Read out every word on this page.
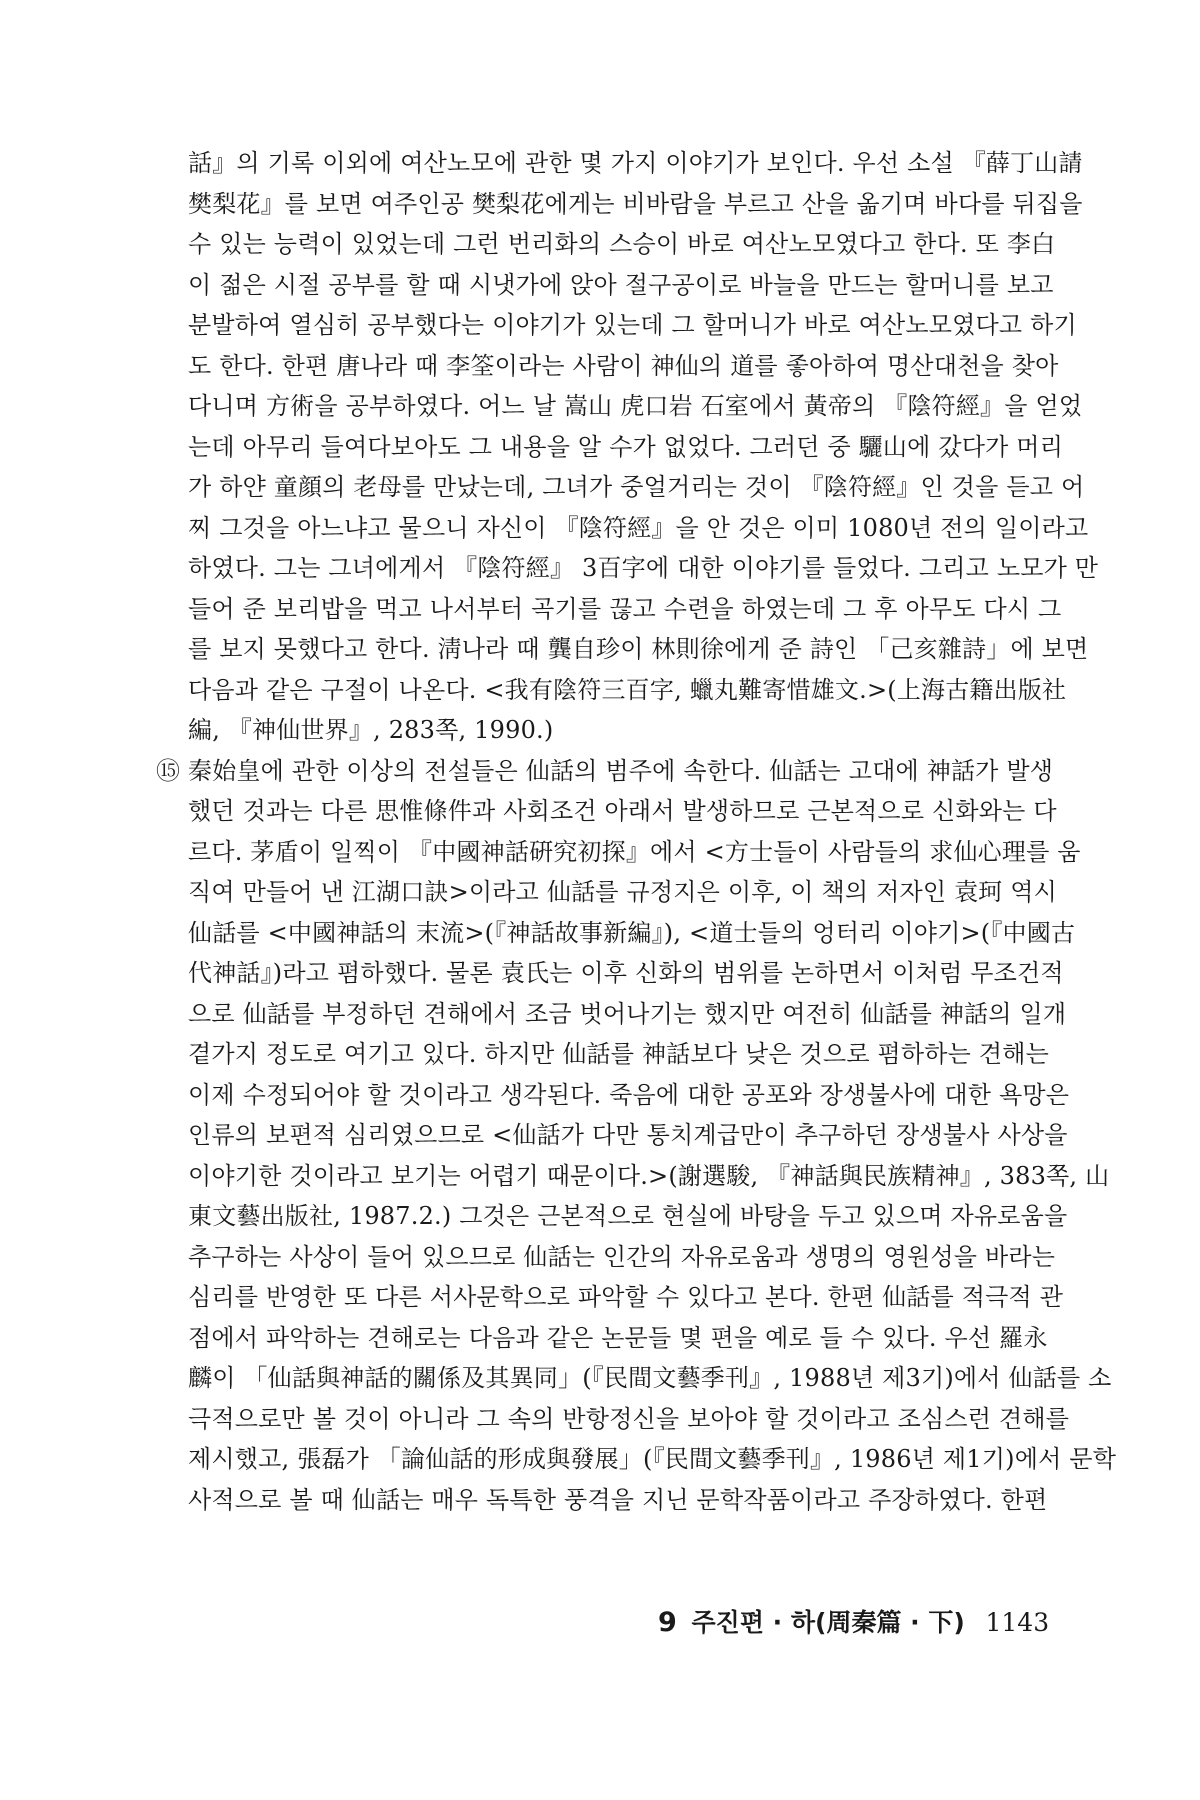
話』의 기록 이외에 여산노모에 관한 몇 가지 이야기가 보인다. 우선 소설 『薛丁山請
樊梨花』를 보면 여주인공 樊梨花에게는 비바람을 부르고 산을 옮기며 바다를 뒤집을
수 있는 능력이 있었는데 그런 번리화의 스승이 바로 여산노모였다고 한다. 또 李白
이 젊은 시절 공부를 할 때 시냇가에 앉아 절구공이로 바늘을 만드는 할머니를 보고
분발하여 열심히 공부했다는 이야기가 있는데 그 할머니가 바로 여산노모였다고 하기
도 한다. 한편 唐나라 때 李筌이라는 사람이 神仙의 道를 좋아하여 명산대천을 찾아
다니며 方術을 공부하였다. 어느 날 嵩山 虎口岩 石室에서 黃帝의 『陰符經』을 얻었
는데 아무리 들여다보아도 그 내용을 알 수가 없었다. 그러던 중 驪山에 갔다가 머리
가 하얀 童顔의 老母를 만났는데, 그녀가 중얼거리는 것이 『陰符經』인 것을 듣고 어
찌 그것을 아느냐고 물으니 자신이 『陰符經』을 안 것은 이미 1080년 전의 일이라고
하였다. 그는 그녀에게서 『陰符經』 3百字에 대한 이야기를 들었다. 그리고 노모가 만
들어 준 보리밥을 먹고 나서부터 곡기를 끊고 수련을 하였는데 그 후 아무도 다시 그
를 보지 못했다고 한다. 淸나라 때 龔自珍이 林則徐에게 준 詩인 「己亥雜詩」에 보면
다음과 같은 구절이 나온다. <我有陰符三百字, 蠟丸難寄惜雄文.>(上海古籍出版社
編, 『神仙世界』, 283쪽, 1990.)
⑮ 秦始皇에 관한 이상의 전설들은 仙話의 범주에 속한다. 仙話는 고대에 神話가 발생
했던 것과는 다른 思惟條件과 사회조건 아래서 발생하므로 근본적으로 신화와는 다
르다. 茅盾이 일찍이 『中國神話硏究初探』에서 <方士들이 사람들의 求仙心理를 움
직여 만들어 낸 江湖口訣>이라고 仙話를 규정지은 이후, 이 책의 저자인 袁珂 역시
仙話를 <中國神話의 末流>(『神話故事新編』), <道士들의 엉터리 이야기>(『中國古
代神話』)라고 폄하했다. 물론 袁氏는 이후 신화의 범위를 논하면서 이처럼 무조건적
으로 仙話를 부정하던 견해에서 조금 벗어나기는 했지만 여전히 仙話를 神話의 일개
곁가지 정도로 여기고 있다. 하지만 仙話를 神話보다 낮은 것으로 폄하하는 견해는
이제 수정되어야 할 것이라고 생각된다. 죽음에 대한 공포와 장생불사에 대한 욕망은
인류의 보편적 심리였으므로 <仙話가 다만 통치계급만이 추구하던 장생불사 사상을
이야기한 것이라고 보기는 어렵기 때문이다.>(謝選駿, 『神話與民族精神』, 383쪽, 山
東文藝出版社, 1987.2.) 그것은 근본적으로 현실에 바탕을 두고 있으며 자유로움을
추구하는 사상이 들어 있으므로 仙話는 인간의 자유로움과 생명의 영원성을 바라는
심리를 반영한 또 다른 서사문학으로 파악할 수 있다고 본다. 한편 仙話를 적극적 관
점에서 파악하는 견해로는 다음과 같은 논문들 몇 편을 예로 들 수 있다. 우선 羅永
麟이 「仙話與神話的關係及其異同」(『民間文藝季刊』, 1988년 제3기)에서 仙話를 소
극적으로만 볼 것이 아니라 그 속의 반항정신을 보아야 할 것이라고 조심스런 견해를
제시했고, 張磊가 「論仙話的形成與發展」(『民間文藝季刊』, 1986년 제1기)에서 문학
사적으로 볼 때 仙話는 매우 독특한 풍격을 지닌 문학작품이라고 주장하였다. 한편
9 주진편 · 하(周秦篇 · 下) 1143
